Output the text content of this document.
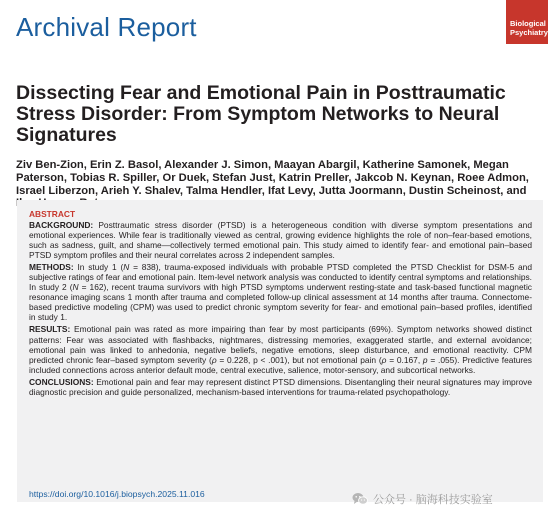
Archival Report	Biological
Psychiatry
Dissecting Fear and Emotional Pain in Posttraumatic Stress Disorder: From Symptom Networks to Neural Signatures
Ziv Ben-Zion, Erin Z. Basol, Alexander J. Simon, Maayan Abargil, Katherine Samonek, Megan Paterson, Tobias R. Spiller, Or Duek, Stefan Just, Katrin Preller, Jakcob N. Keynan, Roee Admon, Israel Liberzon, Arieh Y. Shalev, Talma Hendler, Ifat Levy, Jutta Joormann, Dustin Scheinost, and
ABSTRACT

BACKGROUND: Posttraumatic stress disorder (PTSD) is a heterogeneous condition with diverse symptom presentations and emotional experiences. While fear is traditionally viewed as central, growing evidence highlights the role of non–fear-based emotions, such as sadness, guilt, and shame—collectively termed emotional pain. This study aimed to identify fear- and emotional pain–based PTSD symptom profiles and their neural correlates across 2 independent samples.

METHODS: In study 1 (N = 838), trauma-exposed individuals with probable PTSD completed the PTSD Checklist for DSM-5 and subjective ratings of fear and emotional pain. Item-level network analysis was conducted to identify central symptoms and relationships. In study 2 (N = 162), recent trauma survivors with high PTSD symptoms underwent resting-state and task-based functional magnetic resonance imaging scans 1 month after trauma and completed follow-up clinical assessment at 14 months after trauma. Connectome-based predictive modeling (CPM) was used to predict chronic symptom severity for fear- and emotional pain–based profiles, identified in study 1.

RESULTS: Emotional pain was rated as more impairing than fear by most participants (69%). Symptom networks showed distinct patterns: Fear was associated with flashbacks, nightmares, distressing memories, exaggerated startle, and external avoidance; emotional pain was linked to anhedonia, negative beliefs, negative emotions, sleep disturbance, and emotional reactivity. CPM predicted chronic fear–based symptom severity (ρ = 0.228, p < .001), but not emotional pain (ρ = 0.167, p = .055). Predictive features included connections across anterior default mode, central executive, salience, motor-sensory, and subcortical networks.

CONCLUSIONS: Emotional pain and fear may represent distinct PTSD dimensions. Disentangling their neural signatures may improve diagnostic precision and guide personalized, mechanism-based interventions for trauma-related psychopathology.

https://doi.org/10.1016/j.biopsych.2025.11.016	公众号 · 脑海科技实验室
